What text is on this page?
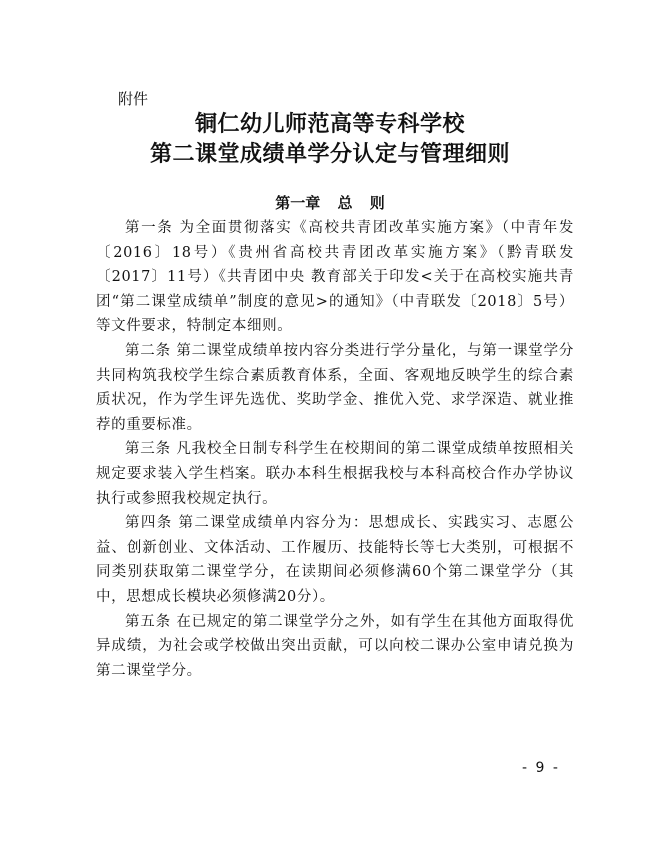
附件
铜仁幼儿师范高等专科学校
第二课堂成绩单学分认定与管理细则
第一章 总 则

第一条 为全面贯彻落实《高校共青团改革实施方案》（中青年发〔2016〕18号）《贵州省高校共青团改革实施方案》（黔青联发〔2017〕11号）《共青团中央 教育部关于印发<关于在高校实施共青团“第二课堂成绩单”制度的意见>的通知》（中青联发〔2018〕5号）等文件要求，特制定本细则。

第二条 第二课堂成绩单按内容分类进行学分量化，与第一课堂学分共同构筑我校学生综合素质教育体系，全面、客观地反映学生的综合素质状况，作为学生评先选优、奖助学金、推优入党、求学深造、就业推荐的重要标准。

第三条 凡我校全日制专科学生在校期间的第二课堂成绩单按照相关规定要求装入学生档案。联办本科生根据我校与本科高校合作办学协议执行或参照我校规定执行。

第四条 第二课堂成绩单内容分为：思想成长、实践实习、志愿公益、创新创业、文体活动、工作履历、技能特长等七大类别，可根据不同类别获取第二课堂学分，在读期间必须修满60个第二课堂学分（其中，思想成长模块必须修满20分）。

第五条 在已规定的第二课堂学分之外，如有学生在其他方面取得优异成绩，为社会或学校做出突出贡献，可以向校二课办公室申请兑换为第二课堂学分。

- 9 -
